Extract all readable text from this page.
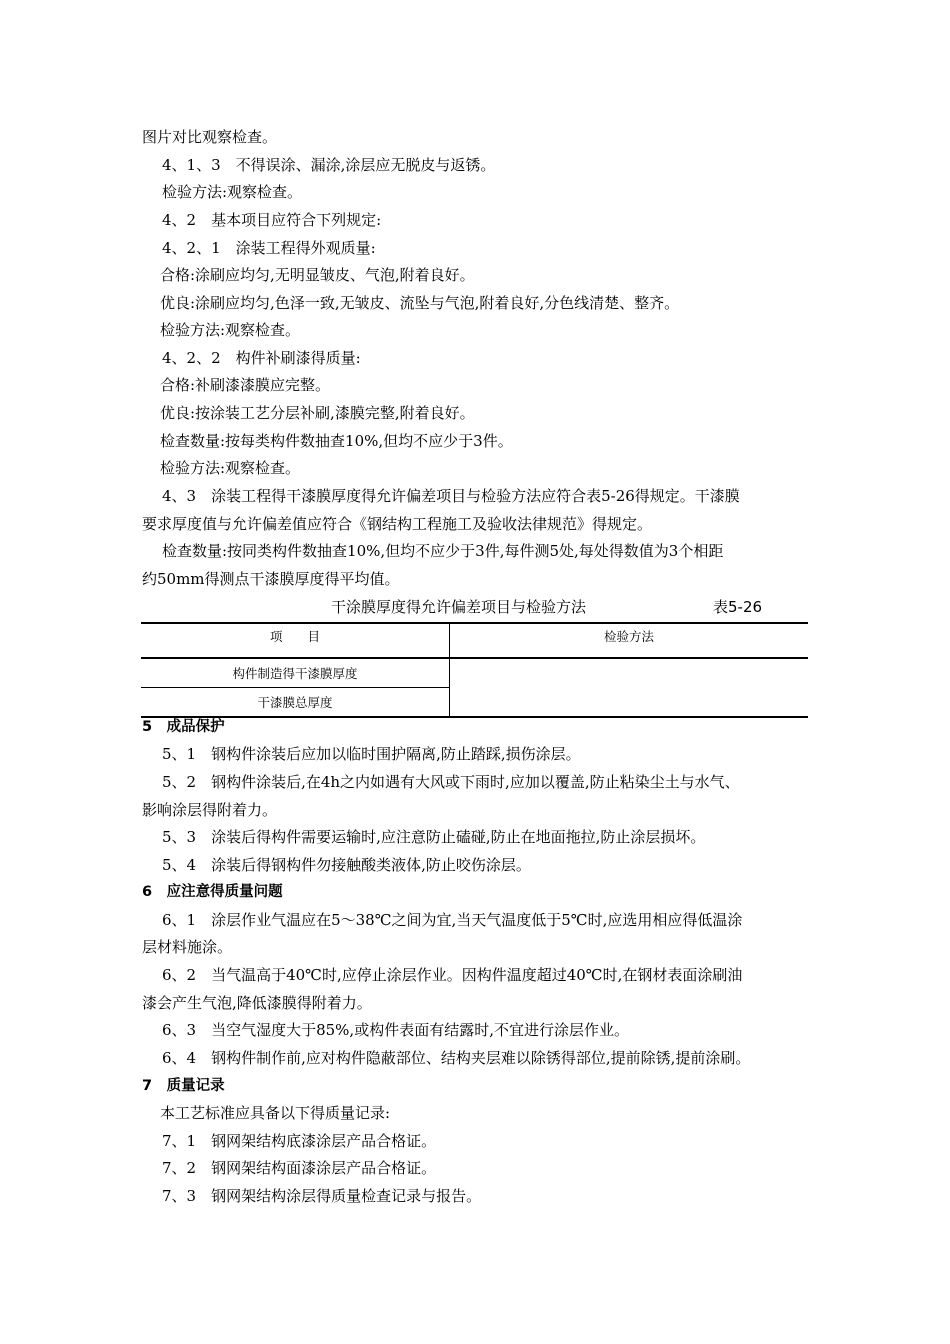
图片对比观察检查。
4、1、3　不得误涂、漏涂,涂层应无脱皮与返锈。
检验方法:观察检查。
4、2　基本项目应符合下列规定:
4、2、1　涂装工程得外观质量:
合格:涂刷应均匀,无明显皱皮、气泡,附着良好。
优良:涂刷应均匀,色泽一致,无皱皮、流坠与气泡,附着良好,分色线清楚、整齐。
检验方法:观察检查。
4、2、2　构件补刷漆得质量:
合格:补刷漆漆膜应完整。
优良:按涂装工艺分层补刷,漆膜完整,附着良好。
检查数量:按每类构件数抽查10%,但均不应少于3件。
检验方法:观察检查。
4、3　涂装工程得干漆膜厚度得允许偏差项目与检验方法应符合表5-26得规定。干漆膜
要求厚度值与允许偏差值应符合《钢结构工程施工及验收法律规范》得规定。
检查数量:按同类构件数抽查10%,但均不应少于3件,每件测5处,每处得数值为3个相距
约50mm得测点干漆膜厚度得平均值。
干涂膜厚度得允许偏差项目与检验方法	表5-26
项　　目	检验方法
构件制造得干漆膜厚度	
干漆膜总厚度	
5　成品保护
5、1　钢构件涂装后应加以临时围护隔离,防止踏踩,损伤涂层。
5、2　钢构件涂装后,在4h之内如遇有大风或下雨时,应加以覆盖,防止粘染尘土与水气、
影响涂层得附着力。
5、3　涂装后得构件需要运输时,应注意防止磕碰,防止在地面拖拉,防止涂层损坏。
5、4　涂装后得钢构件勿接触酸类液体,防止咬伤涂层。
6　应注意得质量问题
6、1　涂层作业气温应在5～38℃之间为宜,当天气温度低于5℃时,应选用相应得低温涂
层材料施涂。
6、2　当气温高于40℃时,应停止涂层作业。因构件温度超过40℃时,在钢材表面涂刷油
漆会产生气泡,降低漆膜得附着力。
6、3　当空气湿度大于85%,或构件表面有结露时,不宜进行涂层作业。
6、4　钢构件制作前,应对构件隐蔽部位、结构夹层难以除锈得部位,提前除锈,提前涂刷。
7　质量记录
本工艺标准应具备以下得质量记录:
7、1　钢网架结构底漆涂层产品合格证。
7、2　钢网架结构面漆涂层产品合格证。
7、3　钢网架结构涂层得质量检查记录与报告。
